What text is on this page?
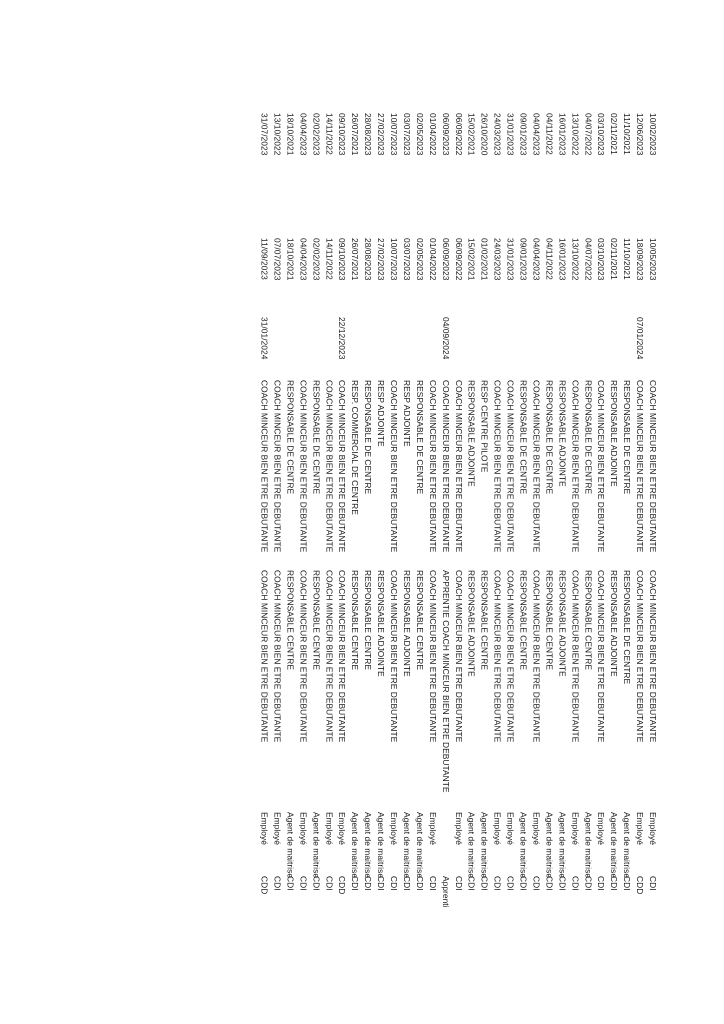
10/02/2023
10/05/2023
COACH MINCEUR BIEN ETRE DEBUTANTE
COACH MINCEUR BIEN ETRE DEBUTANTE
Employé
CDI
12/06/2023
18/09/2023
07/01/2024
COACH MINCEUR BIEN ETRE DEBUTANTE
COACH MINCEUR BIEN ETRE DEBUTANTE
Employé
CDD
11/10/2021
11/10/2021
RESPONSABLE DE CENTRE
RESPONSABLE DE CENTRE
Agent de maitrise
CDI
02/11/2021
02/11/2021
RESPONSABLE ADJOINTE
RESPONSABLE ADJOINTE
Agent de maitrise
CDI
03/10/2023
03/10/2023
COACH MINCEUR BIEN ETRE DEBUTANTE
COACH MINCEUR BIEN ETRE DEBUTANTE
Employé
CDI
04/07/2022
04/07/2022
RESPONSABLE DE CENTRE
RESPONSABLE CENTRE
Agent de maitrise
CDI
13/10/2022
13/10/2022
COACH MINCEUR BIEN ETRE DEBUTANTE
COACH MINCEUR BIEN ETRE DEBUTANTE
Employé
CDI
16/01/2023
16/01/2023
RESPONSABLE ADJOINTE
RESPONSABLE ADJOINTE
Agent de maitrise
CDI
04/11/2022
04/11/2022
RESPONSABLE DE CENTRE
RESPONSABLE CENTRE
Agent de maitrise
CDI
04/04/2023
04/04/2023
COACH MINCEUR BIEN ETRE DEBUTANTE
COACH MINCEUR BIEN ETRE DEBUTANTE
Employé
CDI
09/01/2023
09/01/2023
RESPONSABLE DE CENTRE
RESPONSABLE CENTRE
Agent de maitrise
CDI
31/01/2023
31/01/2023
COACH MINCEUR BIEN ETRE DEBUTANTE
COACH MINCEUR BIEN ETRE DEBUTANTE
Employé
CDI
24/03/2023
24/03/2023
COACH MINCEUR BIEN ETRE DEBUTANTE
COACH MINCEUR BIEN ETRE DEBUTANTE
Employé
CDI
26/10/2020
01/02/2021
RESP CENTRE PILOTE
RESPONSABLE CENTRE
Agent de maitrise
CDI
15/02/2021
15/02/2021
RESPONSABLE ADJOINTE
RESPONSABLE ADJOINTE
Agent de maitrise
CDI
06/09/2022
06/09/2022
COACH MINCEUR BIEN ETRE DEBUTANTE
COACH MINCEUR BIEN ETRE DEBUTANTE
Employé
CDI
06/09/2023
06/09/2023
04/09/2024
COACH MINCEUR BIEN ETRE DEBUTANTE
APPRENTIE COACH MINCEUR BIEN ETRE DEBUTANTE
Apprenti
01/04/2022
01/04/2022
COACH MINCEUR BIEN ETRE DEBUTANTE
COACH MINCEUR BIEN ETRE DEBUTANTE
Employé
CDI
02/05/2023
02/05/2023
RESPONSABLE DE CENTRE
RESPONSABLE CENTRE
Agent de maitrise
CDI
03/07/2023
03/07/2023
RESP ADJOINTE
RESPONSABLE ADJOINTE
Agent de maitrise
CDI
10/07/2023
10/07/2023
COACH MINCEUR BIEN ETRE DEBUTANTE
COACH MINCEUR BIEN ETRE DEBUTANTE
Employé
CDI
27/02/2023
27/02/2023
RESP ADJOINTE
RESPONSABLE ADJOINTE
Agent de maitrise
CDI
28/08/2023
28/08/2023
RESPONSABLE DE CENTRE
RESPONSABLE CENTRE
Agent de maitrise
CDI
26/07/2021
26/07/2021
RESP. COMMERCIAL DE CENTRE
RESPONSABLE CENTRE
Agent de maitrise
CDI
09/10/2023
09/10/2023
22/12/2023
COACH MINCEUR BIEN ETRE DEBUTANTE
COACH MINCEUR BIEN ETRE DEBUTANTE
Employé
CDD
14/11/2022
14/11/2022
COACH MINCEUR BIEN ETRE DEBUTANTE
COACH MINCEUR BIEN ETRE DEBUTANTE
Employé
CDI
02/02/2023
02/02/2023
RESPONSABLE DE CENTRE
RESPONSABLE CENTRE
Agent de maitrise
CDI
04/04/2023
04/04/2023
COACH MINCEUR BIEN ETRE DEBUTANTE
COACH MINCEUR BIEN ETRE DEBUTANTE
Employé
CDI
18/10/2021
18/10/2021
RESPONSABLE DE CENTRE
RESPONSABLE CENTRE
Agent de maitrise
CDI
13/10/2022
07/07/2023
COACH MINCEUR BIEN ETRE DEBUTANTE
COACH MINCEUR BIEN ETRE DEBUTANTE
Employé
CDI
31/07/2023
11/09/2023
31/01/2024
COACH MINCEUR BIEN ETRE DEBUTANTE
COACH MINCEUR BIEN ETRE DEBUTANTE
Employé
CDD
